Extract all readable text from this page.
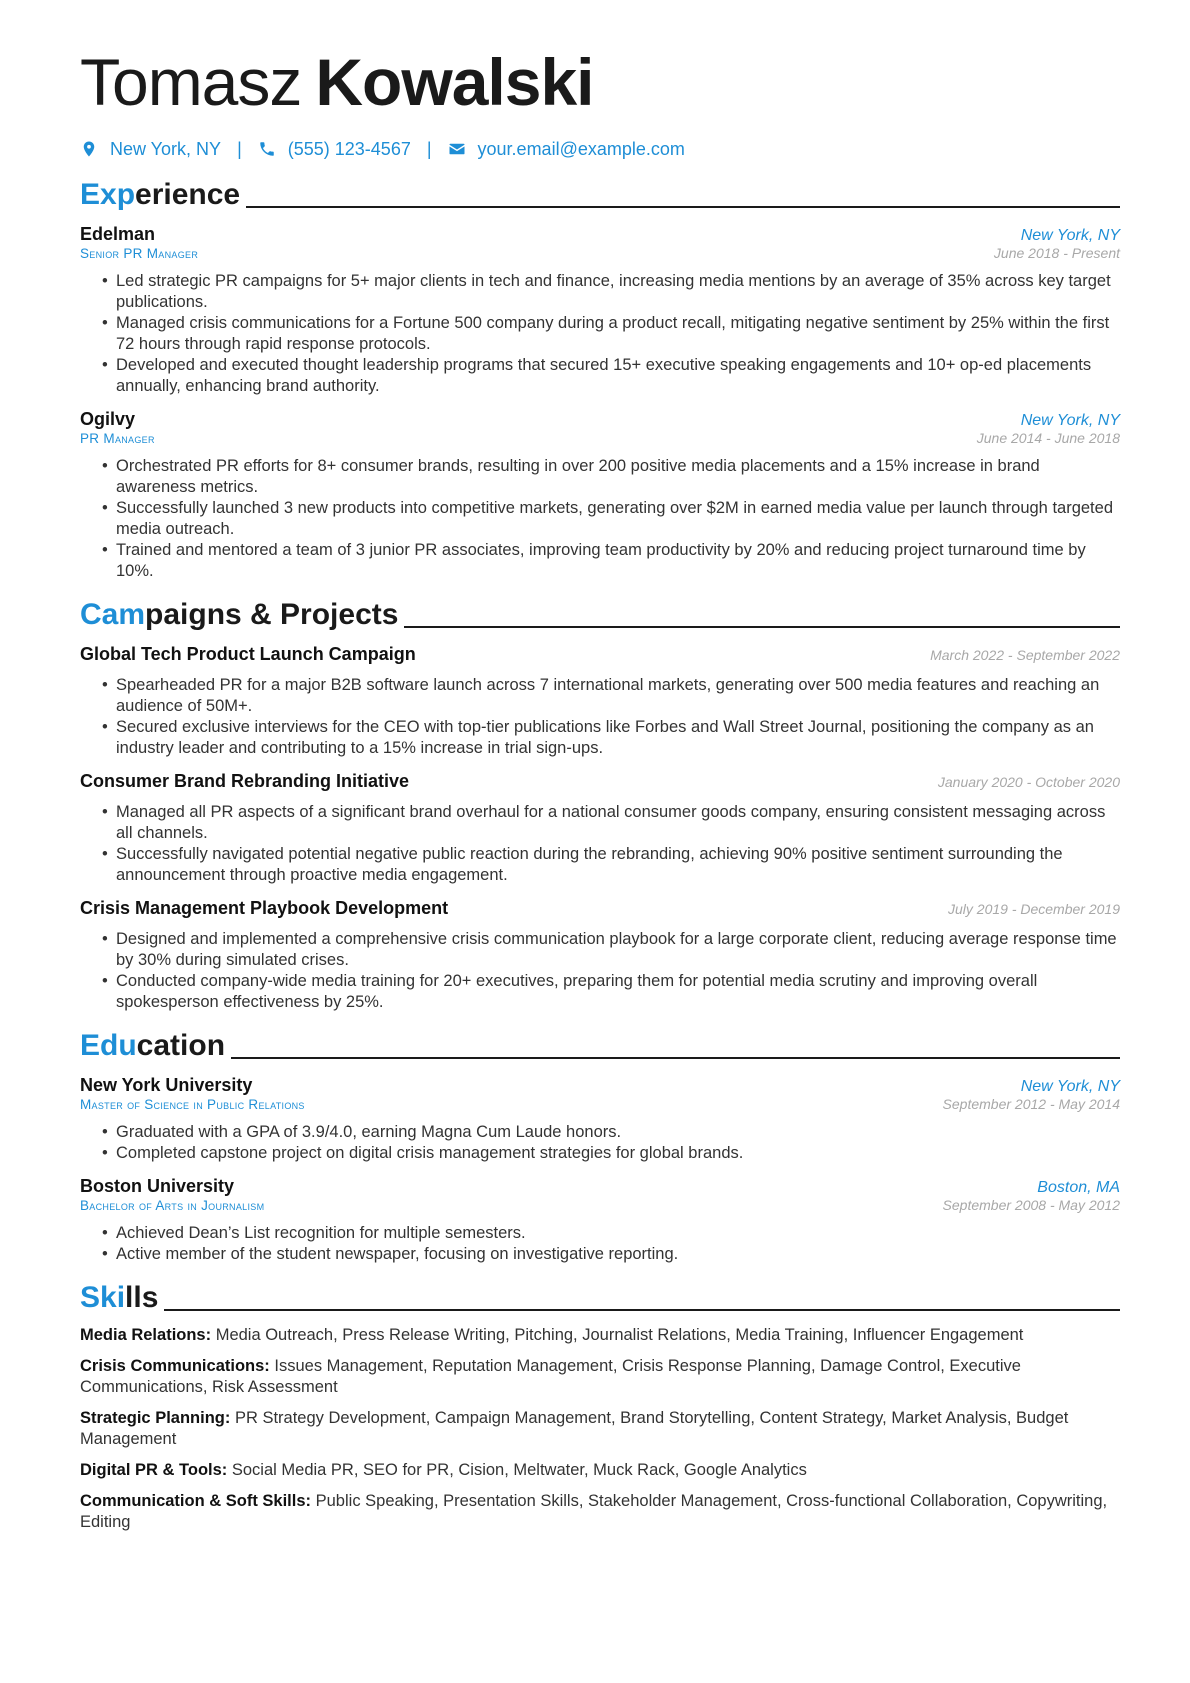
Tomasz Kowalski
New York, NY |	(555) 123-4567 |	your.email@example.com
Experience
Edelman	New York, NY
Senior PR Manager	June 2018 - Present
• Led strategic PR campaigns for 5+ major clients in tech and finance, increasing media mentions by an average of 35% across key target publications.
• Managed crisis communications for a Fortune 500 company during a product recall, mitigating negative sentiment by 25% within the first 72 hours through rapid response protocols.
• Developed and executed thought leadership programs that secured 15+ executive speaking engagements and 10+ op-ed placements annually, enhancing brand authority.
Ogilvy	New York, NY
PR Manager	June 2014 - June 2018
• Orchestrated PR efforts for 8+ consumer brands, resulting in over 200 positive media placements and a 15% increase in brand awareness metrics.
• Successfully launched 3 new products into competitive markets, generating over $2M in earned media value per launch through targeted media outreach.
• Trained and mentored a team of 3 junior PR associates, improving team productivity by 20% and reducing project turnaround time by 10%.
Campaigns & Projects
Global Tech Product Launch Campaign	March 2022 - September 2022
• Spearheaded PR for a major B2B software launch across 7 international markets, generating over 500 media features and reaching an audience of 50M+.
• Secured exclusive interviews for the CEO with top-tier publications like Forbes and Wall Street Journal, positioning the company as an industry leader and contributing to a 15% increase in trial sign-ups.
Consumer Brand Rebranding Initiative	January 2020 - October 2020
• Managed all PR aspects of a significant brand overhaul for a national consumer goods company, ensuring consistent messaging across all channels.
• Successfully navigated potential negative public reaction during the rebranding, achieving 90% positive sentiment surrounding the announcement through proactive media engagement.
Crisis Management Playbook Development	July 2019 - December 2019
• Designed and implemented a comprehensive crisis communication playbook for a large corporate client, reducing average response time by 30% during simulated crises.
• Conducted company-wide media training for 20+ executives, preparing them for potential media scrutiny and improving overall spokesperson effectiveness by 25%.
Education
New York University	New York, NY
Master of Science in Public Relations	September 2012 - May 2014
• Graduated with a GPA of 3.9/4.0, earning Magna Cum Laude honors.
• Completed capstone project on digital crisis management strategies for global brands.
Boston University	Boston, MA
Bachelor of Arts in Journalism	September 2008 - May 2012
• Achieved Dean’s List recognition for multiple semesters.
• Active member of the student newspaper, focusing on investigative reporting.
Skills
Media Relations: Media Outreach, Press Release Writing, Pitching, Journalist Relations, Media Training, Influencer Engagement
Crisis Communications: Issues Management, Reputation Management, Crisis Response Planning, Damage Control, Executive Communications, Risk Assessment
Strategic Planning: PR Strategy Development, Campaign Management, Brand Storytelling, Content Strategy, Market Analysis, Budget Management
Digital PR & Tools: Social Media PR, SEO for PR, Cision, Meltwater, Muck Rack, Google Analytics
Communication & Soft Skills: Public Speaking, Presentation Skills, Stakeholder Management, Cross-functional Collaboration, Copywriting, Editing
